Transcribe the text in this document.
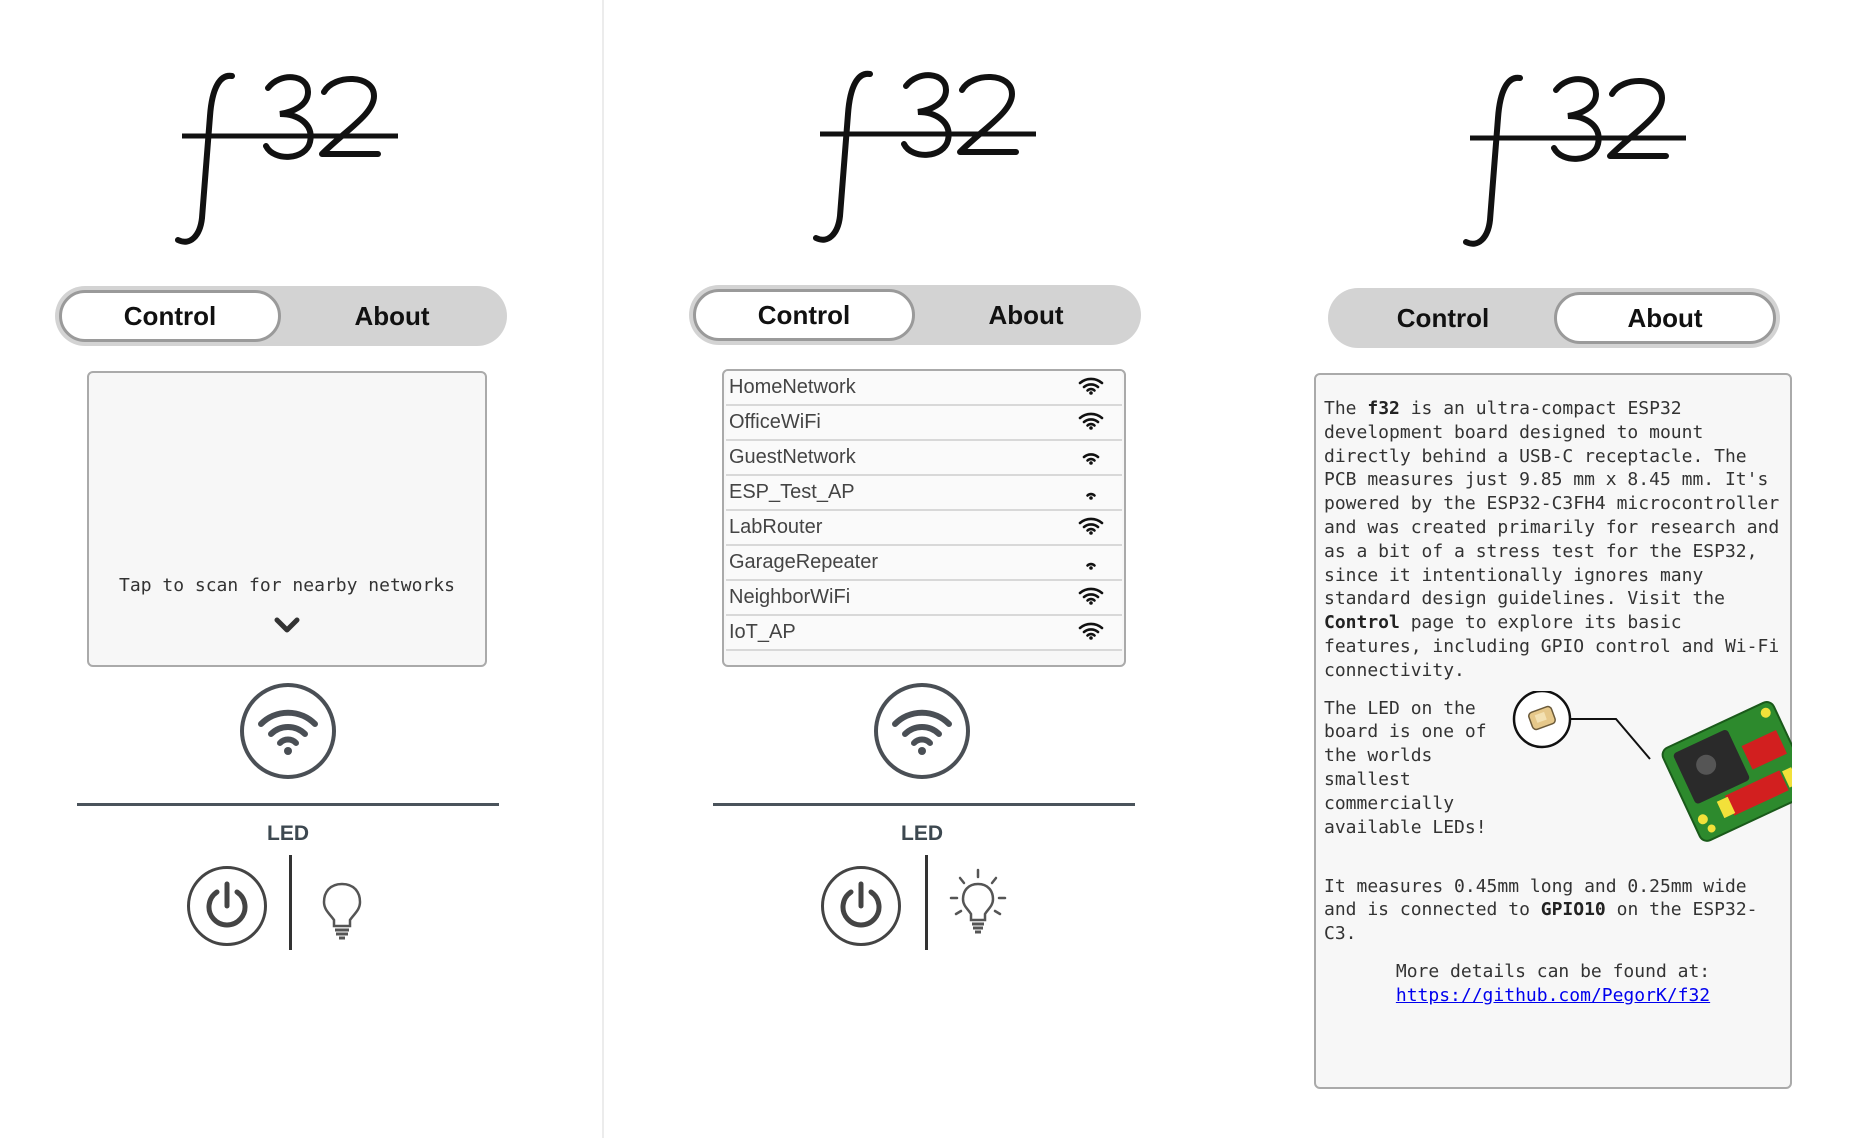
Control	About
Tap to scan for nearby networks
LED
Control	About
HomeNetwork
OfficeWiFi
GuestNetwork
ESP_Test_AP
LabRouter
GarageRepeater
NeighborWiFi
IoT_AP
LED
Control	About

The f32 is an ultra-compact ESP32 development board designed to mount directly behind a USB-C receptacle. The PCB measures just 9.85 mm x 8.45 mm. It's powered by the ESP32-C3FH4 microcontroller and was created primarily for research and as a bit of a stress test for the ESP32, since it intentionally ignores many standard design guidelines. Visit the Control page to explore its basic features, including GPIO control and Wi-Fi connectivity.

The LED on the board is one of the worlds smallest commercially available LEDs!

It measures 0.45mm long and 0.25mm wide and is connected to GPIO10 on the ESP32-C3.

More details can be found at:
https://github.com/PegorK/f32
